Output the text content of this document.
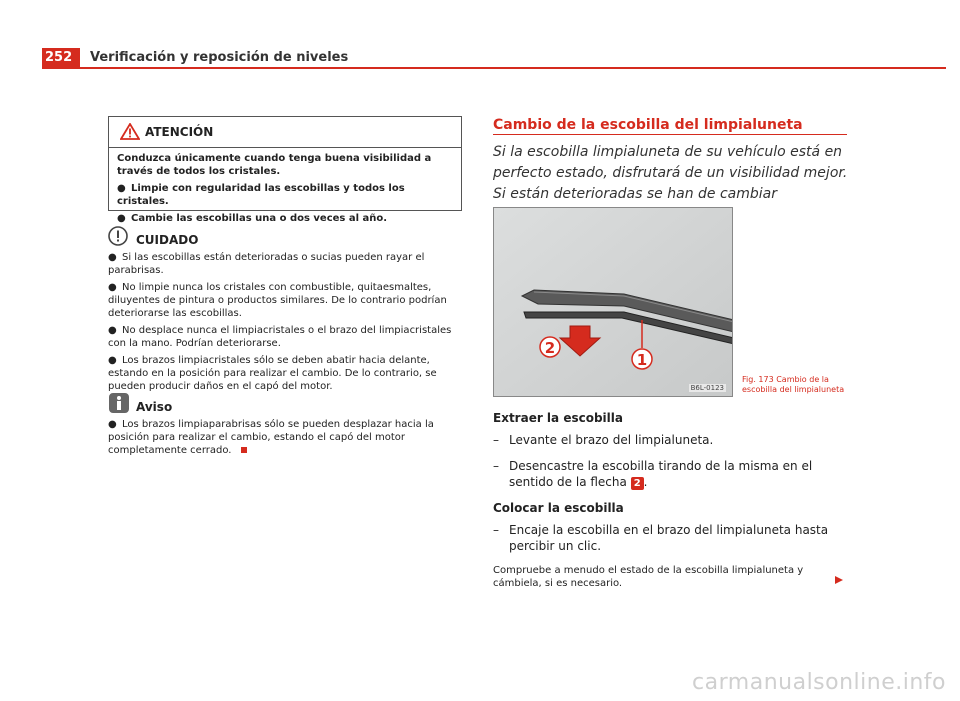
252	Verificación y reposición de niveles
ATENCIÓN

Conduzca únicamente cuando tenga buena visibilidad a través de todos los cristales.

● Limpie con regularidad las escobillas y todos los cristales.

● Cambie las escobillas una o dos veces al año.

CUIDADO

● Si las escobillas están deterioradas o sucias pueden rayar el parabrisas.

● No limpie nunca los cristales con combustible, quitaesmaltes, diluyentes de pintura o productos similares. De lo contrario podrían deteriorarse las escobillas.

● No desplace nunca el limpiacristales o el brazo del limpiacristales con la mano. Podrían deteriorarse.

● Los brazos limpiacristales sólo se deben abatir hacia delante, estando en la posición para realizar el cambio. De lo contrario, se pueden producir daños en el capó del motor.

Aviso

● Los brazos limpiaparabrisas sólo se pueden desplazar hacia la posición para realizar el cambio, estando el capó del motor completamente cerrado.

Cambio de la escobilla del limpialuneta
Si la escobilla limpialuneta de su vehículo está en perfecto estado, disfrutará de un visibilidad mejor. Si están deterioradas se han de cambiar
2
1
B6L-0123
Fig. 173 Cambio de la escobilla del limpialuneta
Extraer la escobilla
– Levante el brazo del limpialuneta.
– Desencastre la escobilla tirando de la misma en el sentido de la flecha 2 .
Colocar la escobilla
– Encaje la escobilla en el brazo del limpialuneta hasta percibir un clic.
Compruebe a menudo el estado de la escobilla limpialuneta y cámbiela, si es necesario.
carmanualsonline.info
